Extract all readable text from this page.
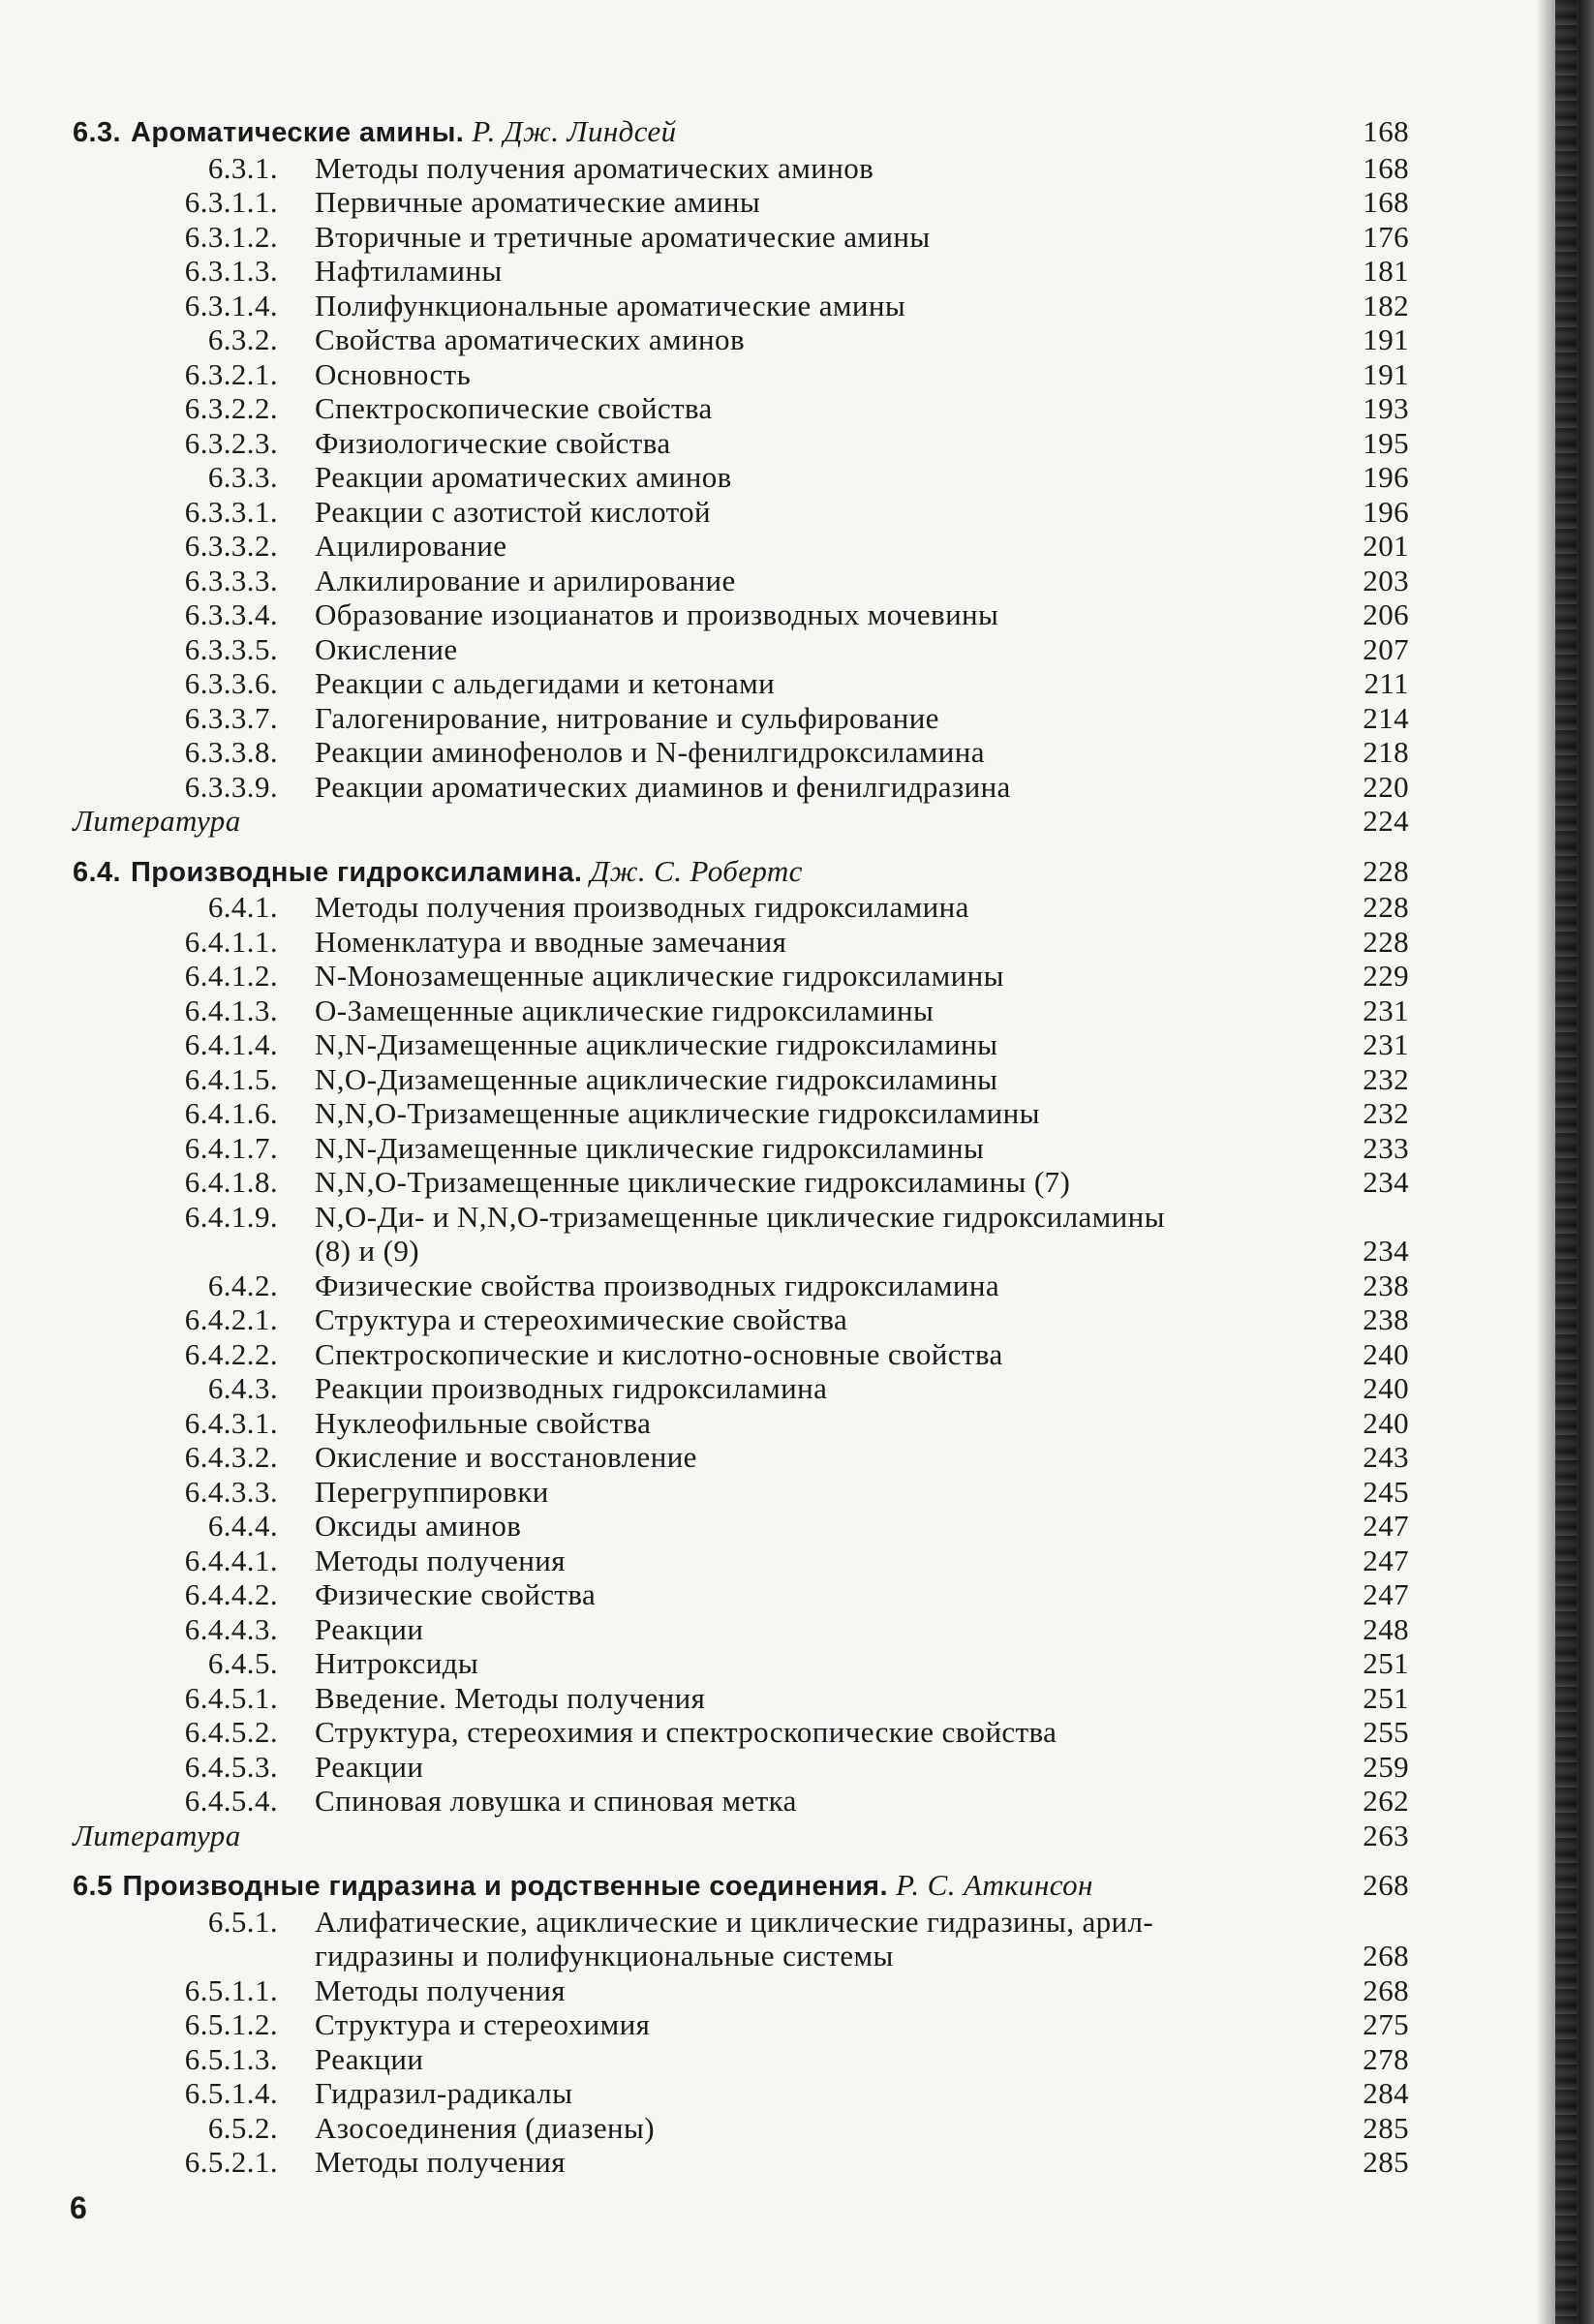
6.3. Ароматические амины. Р. Дж. Линдсей	168
6.3.1.	Методы получения ароматических аминов	168
6.3.1.1.	Первичные ароматические амины	168
6.3.1.2.	Вторичные и третичные ароматические амины	176
6.3.1.3.	Нафтиламины	181
6.3.1.4.	Полифункциональные ароматические амины	182
6.3.2.	Свойства ароматических аминов	191
6.3.2.1.	Основность	191
6.3.2.2.	Спектроскопические свойства	193
6.3.2.3.	Физиологические свойства	195
6.3.3.	Реакции ароматических аминов	196
6.3.3.1.	Реакции с азотистой кислотой	196
6.3.3.2.	Ацилирование	201
6.3.3.3.	Алкилирование и арилирование	203
6.3.3.4.	Образование изоцианатов и производных мочевины	206
6.3.3.5.	Окисление	207
6.3.3.6.	Реакции с альдегидами и кетонами	211
6.3.3.7.	Галогенирование, нитрование и сульфирование	214
6.3.3.8.	Реакции аминофенолов и N-фенилгидроксиламина	218
6.3.3.9.	Реакции ароматических диаминов и фенилгидразина	220
Литература	224
6.4. Производные гидроксиламина. Дж. С. Робертс	228
6.4.1.	Методы получения производных гидроксиламина	228
6.4.1.1.	Номенклатура и вводные замечания	228
6.4.1.2.	N-Монозамещенные ациклические гидроксиламины	229
6.4.1.3.	О-Замещенные ациклические гидроксиламины	231
6.4.1.4.	N,N-Дизамещенные ациклические гидроксиламины	231
6.4.1.5.	N,O-Дизамещенные ациклические гидроксиламины	232
6.4.1.6.	N,N,O-Тризамещенные ациклические гидроксиламины	232
6.4.1.7.	N,N-Дизамещенные циклические гидроксиламины	233
6.4.1.8.	N,N,O-Тризамещенные циклические гидроксиламины (7)	234
6.4.1.9.	N,O-Ди- и N,N,O-тризамещенные циклические гидроксиламины
(8) и (9)	234
6.4.2.	Физические свойства производных гидроксиламина	238
6.4.2.1.	Структура и стереохимические свойства	238
6.4.2.2.	Спектроскопические и кислотно-основные свойства	240
6.4.3.	Реакции производных гидроксиламина	240
6.4.3.1.	Нуклеофильные свойства	240
6.4.3.2.	Окисление и восстановление	243
6.4.3.3.	Перегруппировки	245
6.4.4.	Оксиды аминов	247
6.4.4.1.	Методы получения	247
6.4.4.2.	Физические свойства	247
6.4.4.3.	Реакции	248
6.4.5.	Нитроксиды	251
6.4.5.1.	Введение. Методы получения	251
6.4.5.2.	Структура, стереохимия и спектроскопические свойства	255
6.4.5.3.	Реакции	259
6.4.5.4.	Спиновая ловушка и спиновая метка	262
Литература	263
6.5 Производные гидразина и родственные соединения. Р. С. Аткинсон	268
6.5.1.	Алифатические, ациклические и циклические гидразины, арил-
гидразины и полифункциональные системы	268
6.5.1.1.	Методы получения	268
6.5.1.2.	Структура и стереохимия	275
6.5.1.3.	Реакции	278
6.5.1.4.	Гидразил-радикалы	284
6.5.2.	Азосоединения (диазены)	285
6.5.2.1.	Методы получения	285
6
